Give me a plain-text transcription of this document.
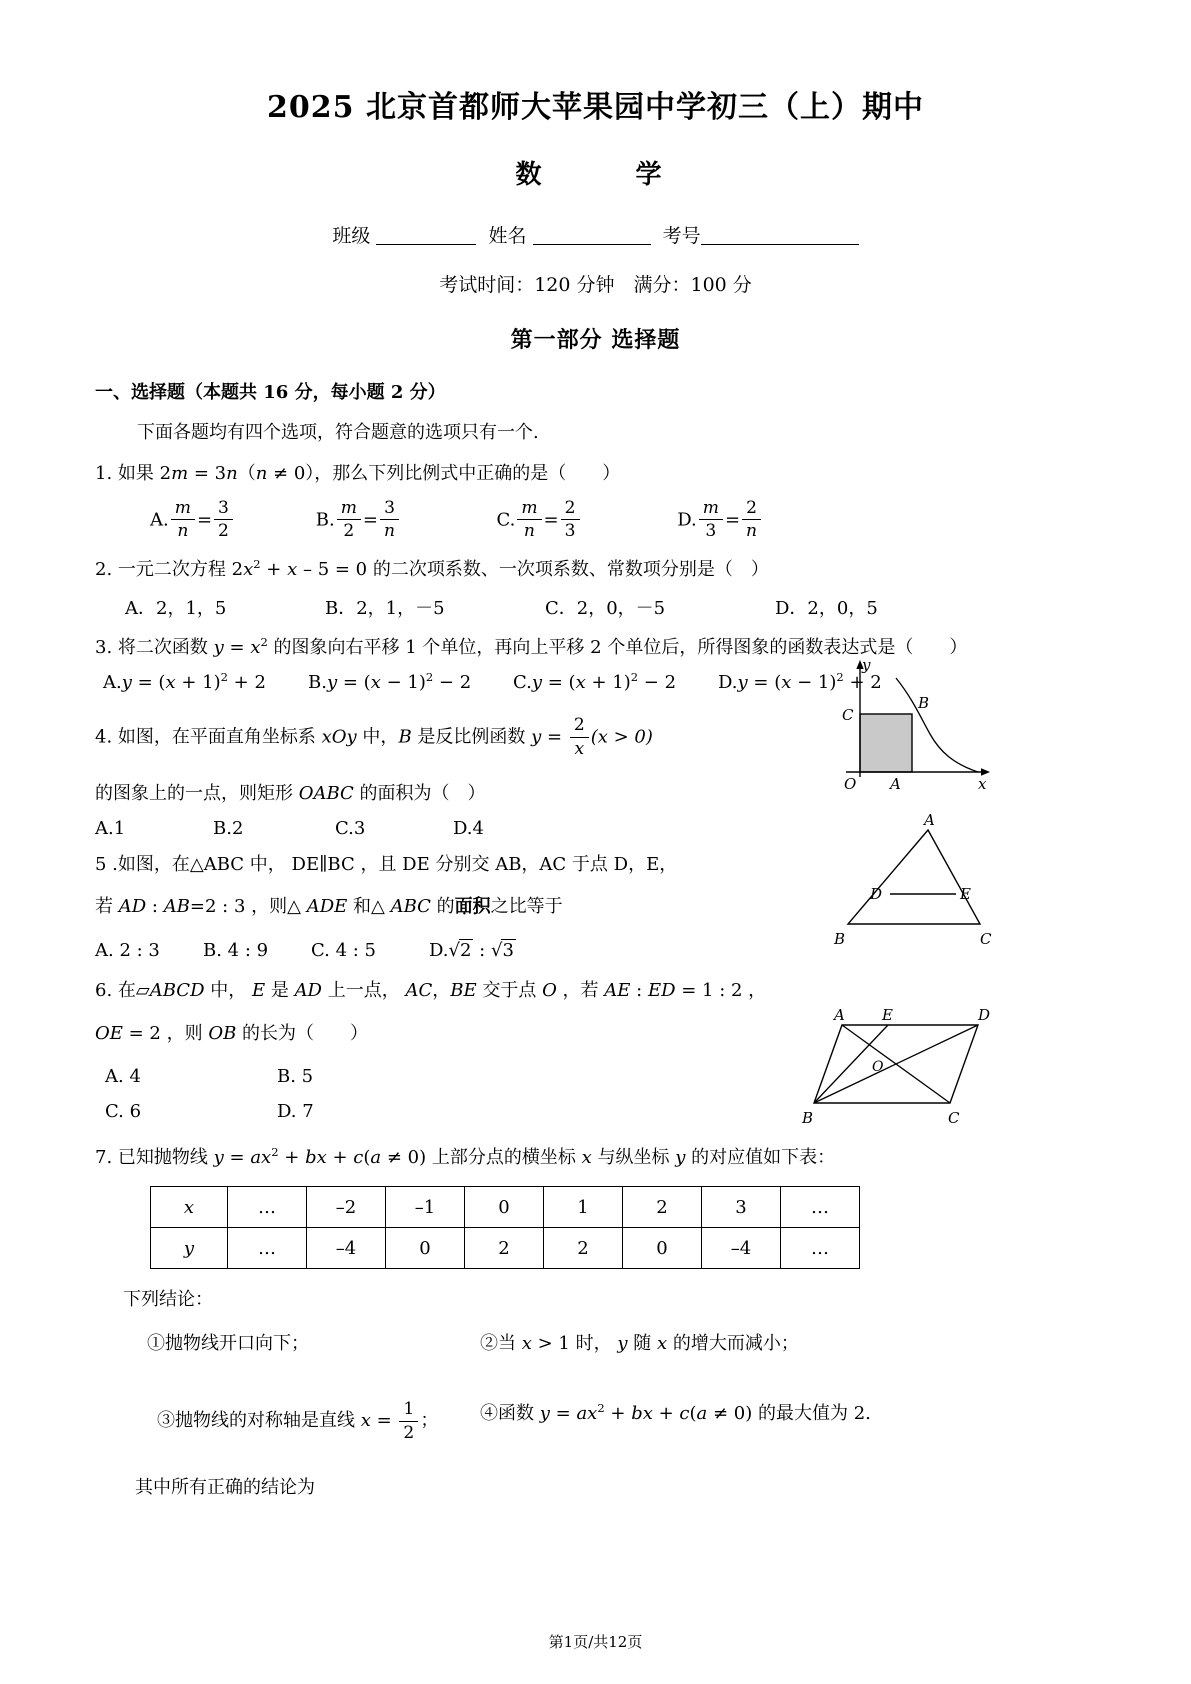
2025 北京首都师大苹果园中学初三（上）期中
数　　学
班级	姓名	考号
考试时间：120 分钟　满分：100 分
第一部分 选择题
一、选择题（本题共 16 分，每小题 2 分）
下面各题均有四个选项，符合题意的选项只有一个.
1. 如果 2m = 3n（n ≠ 0），那么下列比例式中正确的是（　　）
A. $\frac{m}{n} = \frac{3}{2}$	B. $\frac{m}{2} = \frac{3}{n}$	C. $\frac{m}{n} = \frac{2}{3}$	D. $\frac{m}{3} = \frac{2}{n}$
2. 一元二次方程 $2x^2 + x - 5 = 0$ 的二次项系数、一次项系数、常数项分别是（　）
A．2，1，5	B．2，1，－5	C．2，0，－5	D．2，0，5
3. 将二次函数 $y = x^2$ 的图象向右平移 1 个单位，再向上平移 2 个单位后，所得图象的函数表达式是（　　）
$A.y = (x + 1)^2 + 2$ $B.y = (x - 1)^2 - 2$ $C.y = (x + 1)^2 - 2$ $D.y = (x - 1)^2 + 2$
4. 如图，在平面直角坐标系 xOy 中，B 是反比例函数 $y = \frac{2}{x} (x > 0)$
的图象上的一点，则矩形 OABC 的面积为（　）
A.1	B.2	C.3	D.4
5 .如图，在△ABC 中， DE∥BC ，且 DE 分别交 AB，AC 于点 D，E，
若 AD : AB=2 : 3 ，则△ ADE 和△ ABC 的面积 ··之比等于
A. 2 : 3 B. 4 : 9 C. 4 : 5	D.√2 : √3
6. 在▱ABCD 中， E 是 AD 上一点， AC，BE 交于点 O ，若 AE : ED = 1 : 2 ，
OE = 2 ，则 OB 的长为（　　）
A. 4	B. 5
C. 6	D. 7
7. 已知抛物线 $y = ax^2$ + bx + c(a ≠ 0) 上部分点的横坐标 x 与纵坐标 y 的对应值如下表：
x	…	–2	–1	0	1	2	3	…
y	…	–4	0	2	2	0	–4	…
下列结论：
①抛物线开口向下；	②当 x > 1 时， y 随 x 的增大而减小；
③抛物线的对称轴是直线 $x = \frac{1}{2}$ ； ④函数 $y = ax^2$ + bx + c(a ≠ 0) 的最大值为 2.
其中所有正确的结论为
y
x
O A
B
C
A
B	C
D	E
A E	D
B	C
O
第1页/共12页
